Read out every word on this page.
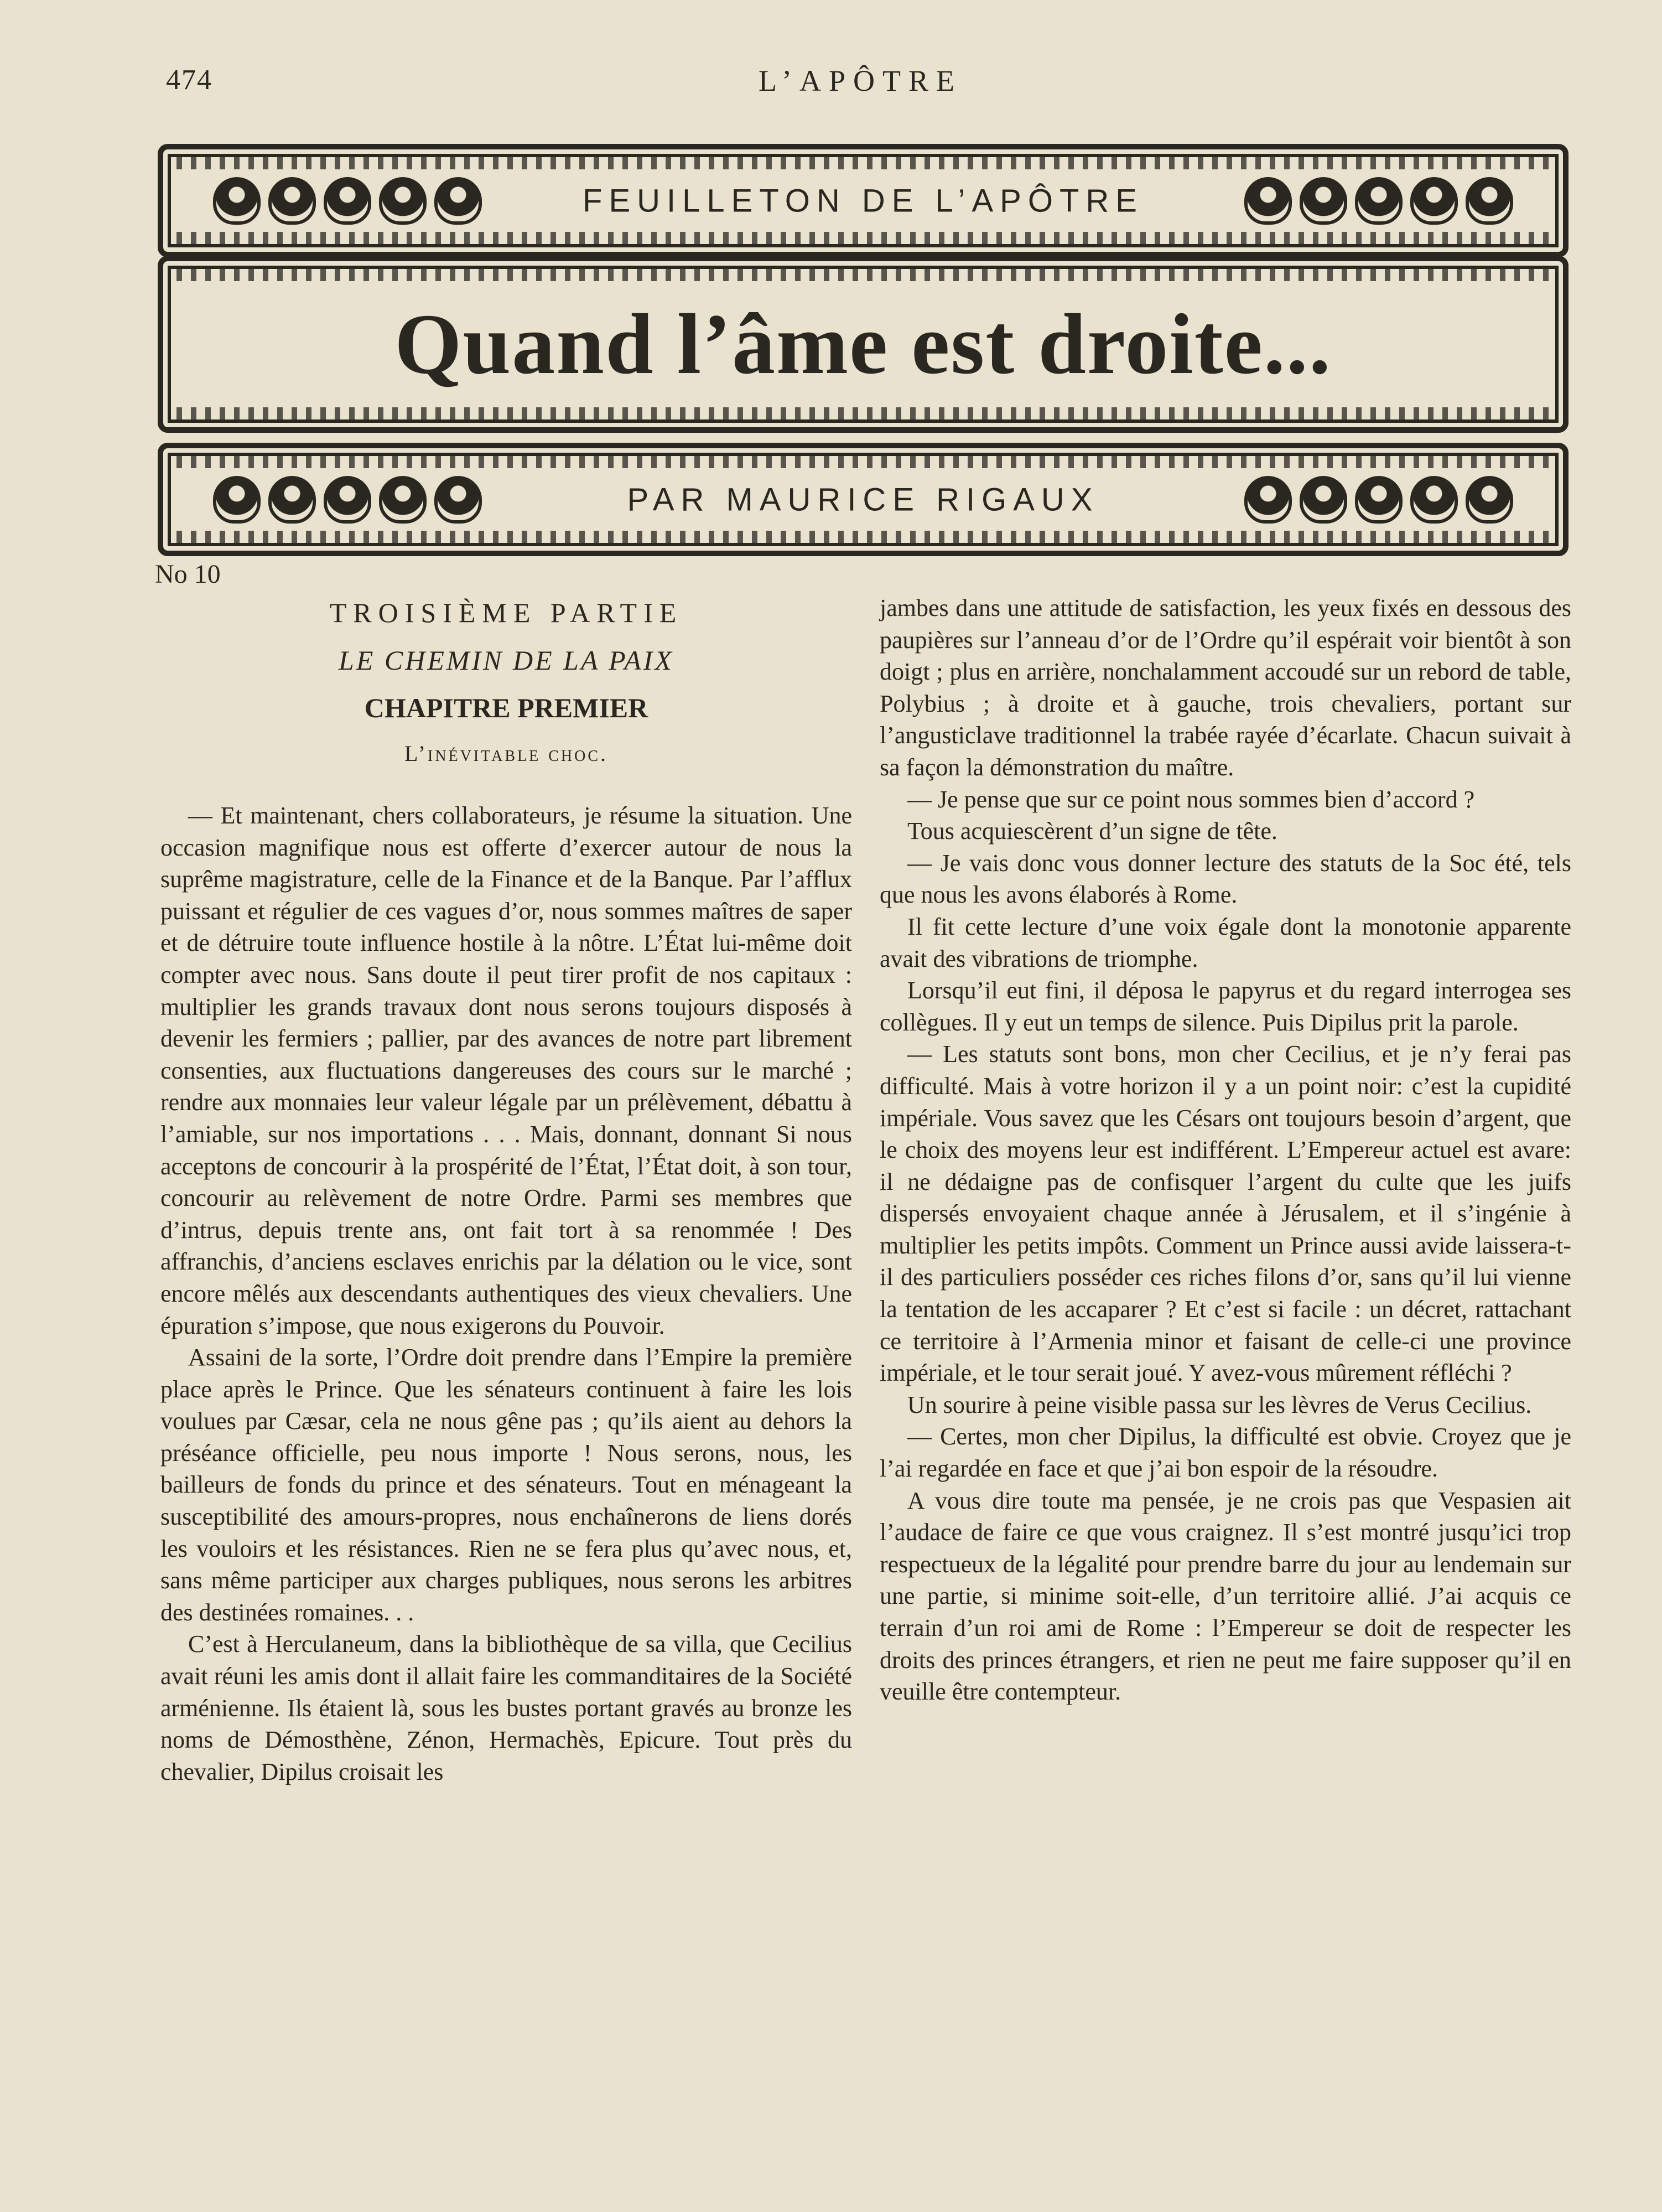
474	L’APÔTRE
FEUILLETON DE L’APÔTRE
Quand l’âme est droite...
PAR MAURICE RIGAUX
No 10
TROISIÈME PARTIE
LE CHEMIN DE LA PAIX
CHAPITRE PREMIER
L’inévitable choc.

— Et maintenant, chers collaborateurs, je résume la situation. Une occasion magnifique nous est offerte d’exercer autour de nous la suprême magistrature, celle de la Finance et de la Banque. Par l’afflux puissant et régulier de ces vagues d’or, nous sommes maîtres de saper et de détruire toute influence hostile à la nôtre. L’État lui-même doit compter avec nous. Sans doute il peut tirer profit de nos capitaux : multiplier les grands travaux dont nous serons toujours disposés à devenir les fermiers ; pallier, par des avances de notre part librement consenties, aux fluctuations dangereuses des cours sur le marché ; rendre aux monnaies leur valeur légale par un prélèvement, débattu à l’amiable, sur nos importations . . . Mais, donnant, donnant Si nous acceptons de concourir à la prospérité de l’État, l’État doit, à son tour, concourir au relèvement de notre Ordre. Parmi ses membres que d’intrus, depuis trente ans, ont fait tort à sa renommée ! Des affranchis, d’anciens esclaves enrichis par la délation ou le vice, sont encore mêlés aux descendants authentiques des vieux chevaliers. Une épuration s’impose, que nous exigerons du Pouvoir.

Assaini de la sorte, l’Ordre doit prendre dans l’Empire la première place après le Prince. Que les sénateurs continuent à faire les lois voulues par Cæsar, cela ne nous gêne pas ; qu’ils aient au dehors la préséance officielle, peu nous importe ! Nous serons, nous, les bailleurs de fonds du prince et des sénateurs. Tout en ménageant la susceptibilité des amours-propres, nous enchaînerons de liens dorés les vouloirs et les résistances. Rien ne se fera plus qu’avec nous, et, sans même participer aux charges publiques, nous serons les arbitres des destinées romaines. . .

C’est à Herculaneum, dans la bibliothèque de sa villa, que Cecilius avait réuni les amis dont il allait faire les commanditaires de la Société arménienne. Ils étaient là, sous les bustes portant gravés au bronze les noms de Démosthène, Zénon, Hermachès, Epicure. Tout près du chevalier, Dipilus croisait les

jambes dans une attitude de satisfaction, les yeux fixés en dessous des paupières sur l’anneau d’or de l’Ordre qu’il espérait voir bientôt à son doigt ; plus en arrière, nonchalamment accoudé sur un rebord de table, Polybius ; à droite et à gauche, trois chevaliers, portant sur l’angusticlave traditionnel la trabée rayée d’écarlate. Chacun suivait à sa façon la démonstration du maître.

— Je pense que sur ce point nous sommes bien d’accord ?

Tous acquiescèrent d’un signe de tête.

— Je vais donc vous donner lecture des statuts de la Soc été, tels que nous les avons élaborés à Rome.

Il fit cette lecture d’une voix égale dont la monotonie apparente avait des vibrations de triomphe.

Lorsqu’il eut fini, il déposa le papyrus et du regard interrogea ses collègues. Il y eut un temps de silence. Puis Dipilus prit la parole.

— Les statuts sont bons, mon cher Cecilius, et je n’y ferai pas difficulté. Mais à votre horizon il y a un point noir: c’est la cupidité impériale. Vous savez que les Césars ont toujours besoin d’argent, que le choix des moyens leur est indifférent. L’Empereur actuel est avare: il ne dédaigne pas de confisquer l’argent du culte que les juifs dispersés envoyaient chaque année à Jérusalem, et il s’ingénie à multiplier les petits impôts. Comment un Prince aussi avide laissera-t-il des particuliers posséder ces riches filons d’or, sans qu’il lui vienne la tentation de les accaparer ? Et c’est si facile : un décret, rattachant ce territoire à l’Armenia minor et faisant de celle-ci une province impériale, et le tour serait joué. Y avez-vous mûrement réfléchi ?

Un sourire à peine visible passa sur les lèvres de Verus Cecilius.

— Certes, mon cher Dipilus, la difficulté est obvie. Croyez que je l’ai regardée en face et que j’ai bon espoir de la résoudre.

A vous dire toute ma pensée, je ne crois pas que Vespasien ait l’audace de faire ce que vous craignez. Il s’est montré jusqu’ici trop respectueux de la légalité pour prendre barre du jour au lendemain sur une partie, si minime soit-elle, d’un territoire allié. J’ai acquis ce terrain d’un roi ami de Rome : l’Empereur se doit de respecter les droits des princes étrangers, et rien ne peut me faire supposer qu’il en veuille être contempteur.
